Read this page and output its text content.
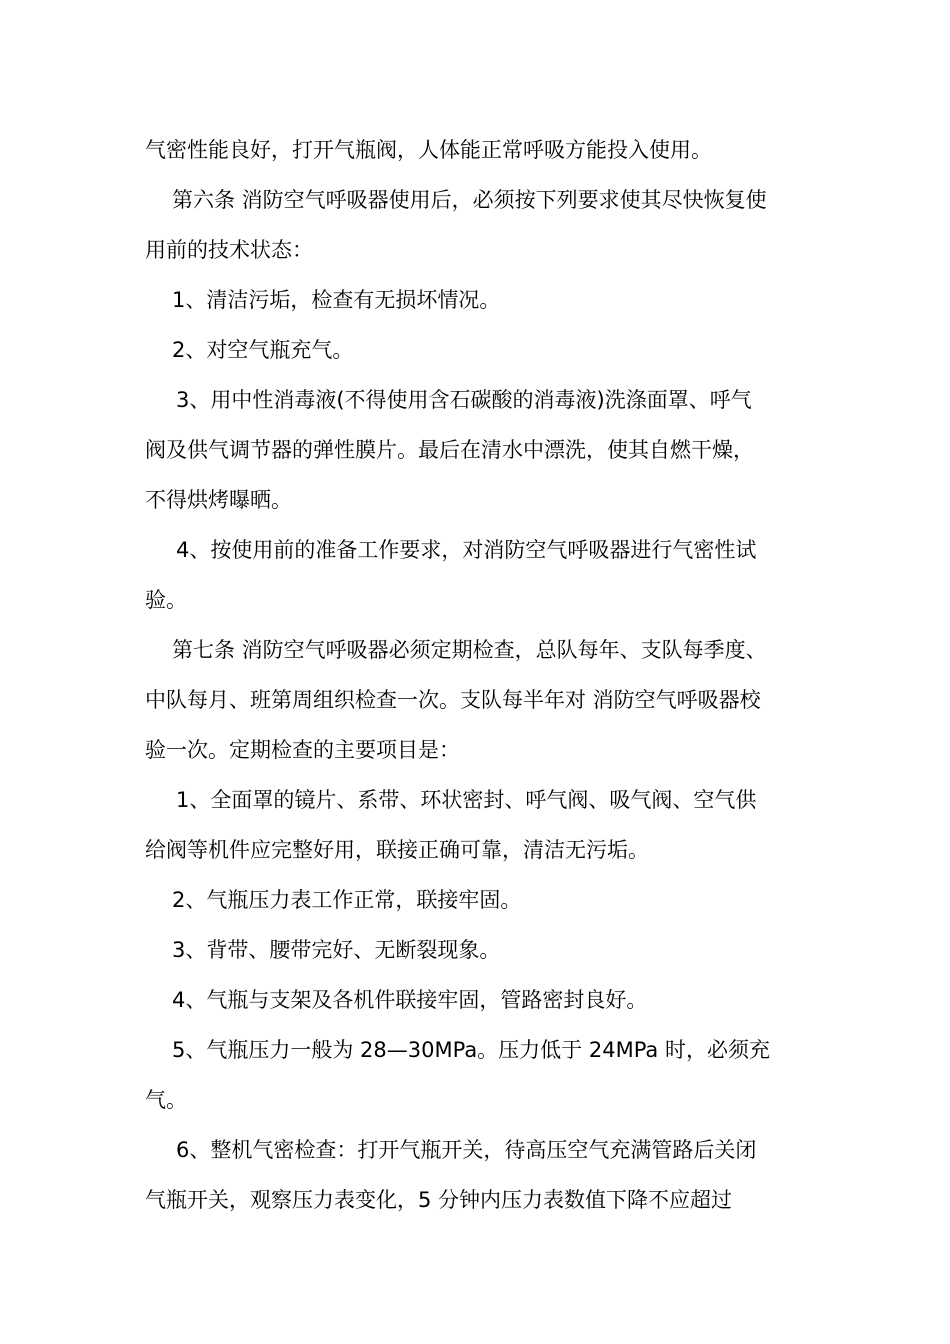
气密性能良好，打开气瓶阀，人体能正常呼吸方能投入使用。
第六条 消防空气呼吸器使用后，必须按下列要求使其尽快恢复使
用前的技术状态：
1、清洁污垢，检查有无损坏情况。
2、对空气瓶充气。
3、用中性消毒液(不得使用含石碳酸的消毒液)洗涤面罩、呼气
阀及供气调节器的弹性膜片。最后在清水中漂洗，使其自燃干燥，
不得烘烤曝晒。
4、按使用前的准备工作要求，对消防空气呼吸器进行气密性试
验。
第七条 消防空气呼吸器必须定期检查，总队每年、支队每季度、
中队每月、班第周组织检查一次。支队每半年对 消防空气呼吸器校
验一次。定期检查的主要项目是：
1、全面罩的镜片、系带、环状密封、呼气阀、吸气阀、空气供
给阀等机件应完整好用，联接正确可靠，清洁无污垢。
2、气瓶压力表工作正常，联接牢固。
3、背带、腰带完好、无断裂现象。
4、气瓶与支架及各机件联接牢固，管路密封良好。
5、气瓶压力一般为 28—30MPa。压力低于 24MPa 时，必须充
气。
6、整机气密检查：打开气瓶开关，待高压空气充满管路后关闭
气瓶开关，观察压力表变化，5 分钟内压力表数值下降不应超过
